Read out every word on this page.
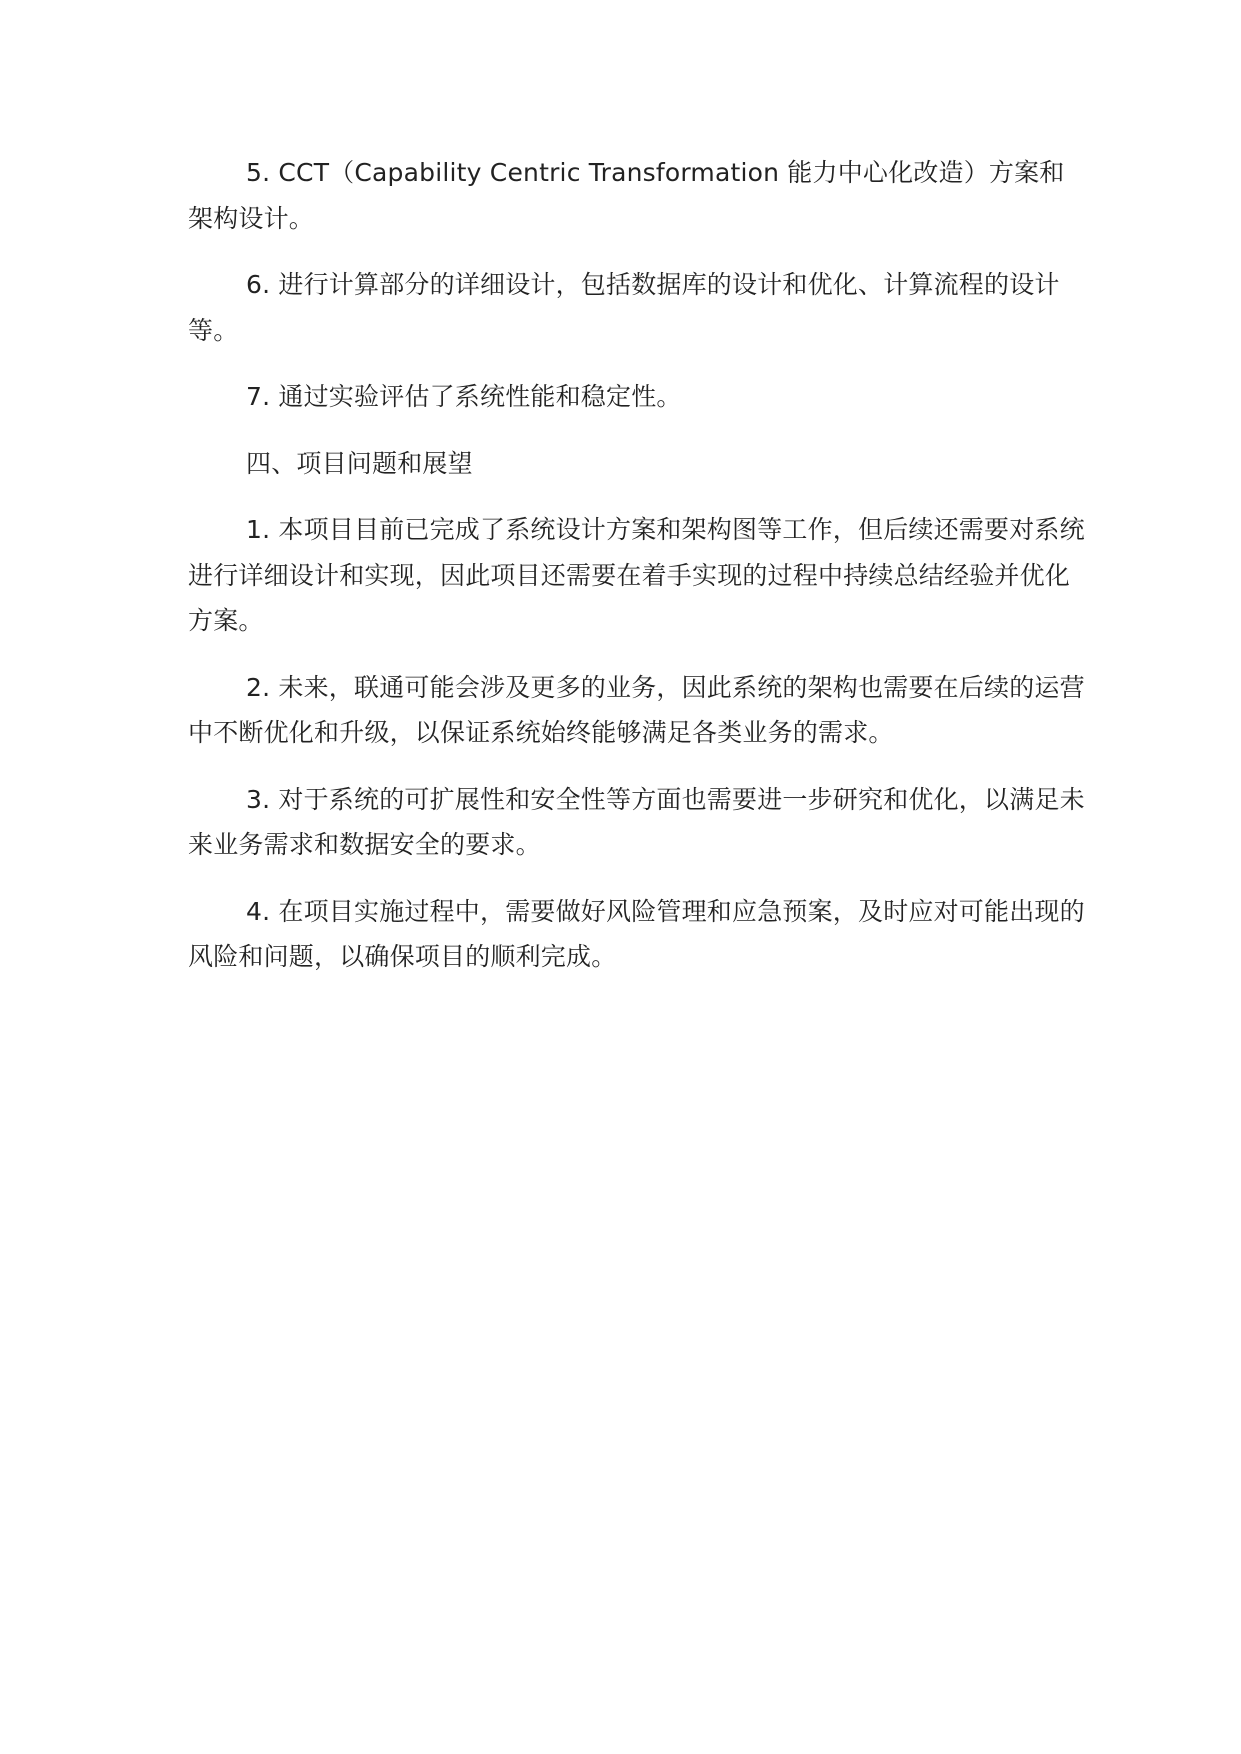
5. CCT（Capability Centric Transformation 能力中心化改造）方案和架构设计。

6. 进行计算部分的详细设计，包括数据库的设计和优化、计算流程的设计等。

7. 通过实验评估了系统性能和稳定性。

四、项目问题和展望

1. 本项目目前已完成了系统设计方案和架构图等工作，但后续还需要对系统进行详细设计和实现，因此项目还需要在着手实现的过程中持续总结经验并优化方案。

2. 未来，联通可能会涉及更多的业务，因此系统的架构也需要在后续的运营中不断优化和升级，以保证系统始终能够满足各类业务的需求。

3. 对于系统的可扩展性和安全性等方面也需要进一步研究和优化，以满足未来业务需求和数据安全的要求。

4. 在项目实施过程中，需要做好风险管理和应急预案，及时应对可能出现的风险和问题，以确保项目的顺利完成。
